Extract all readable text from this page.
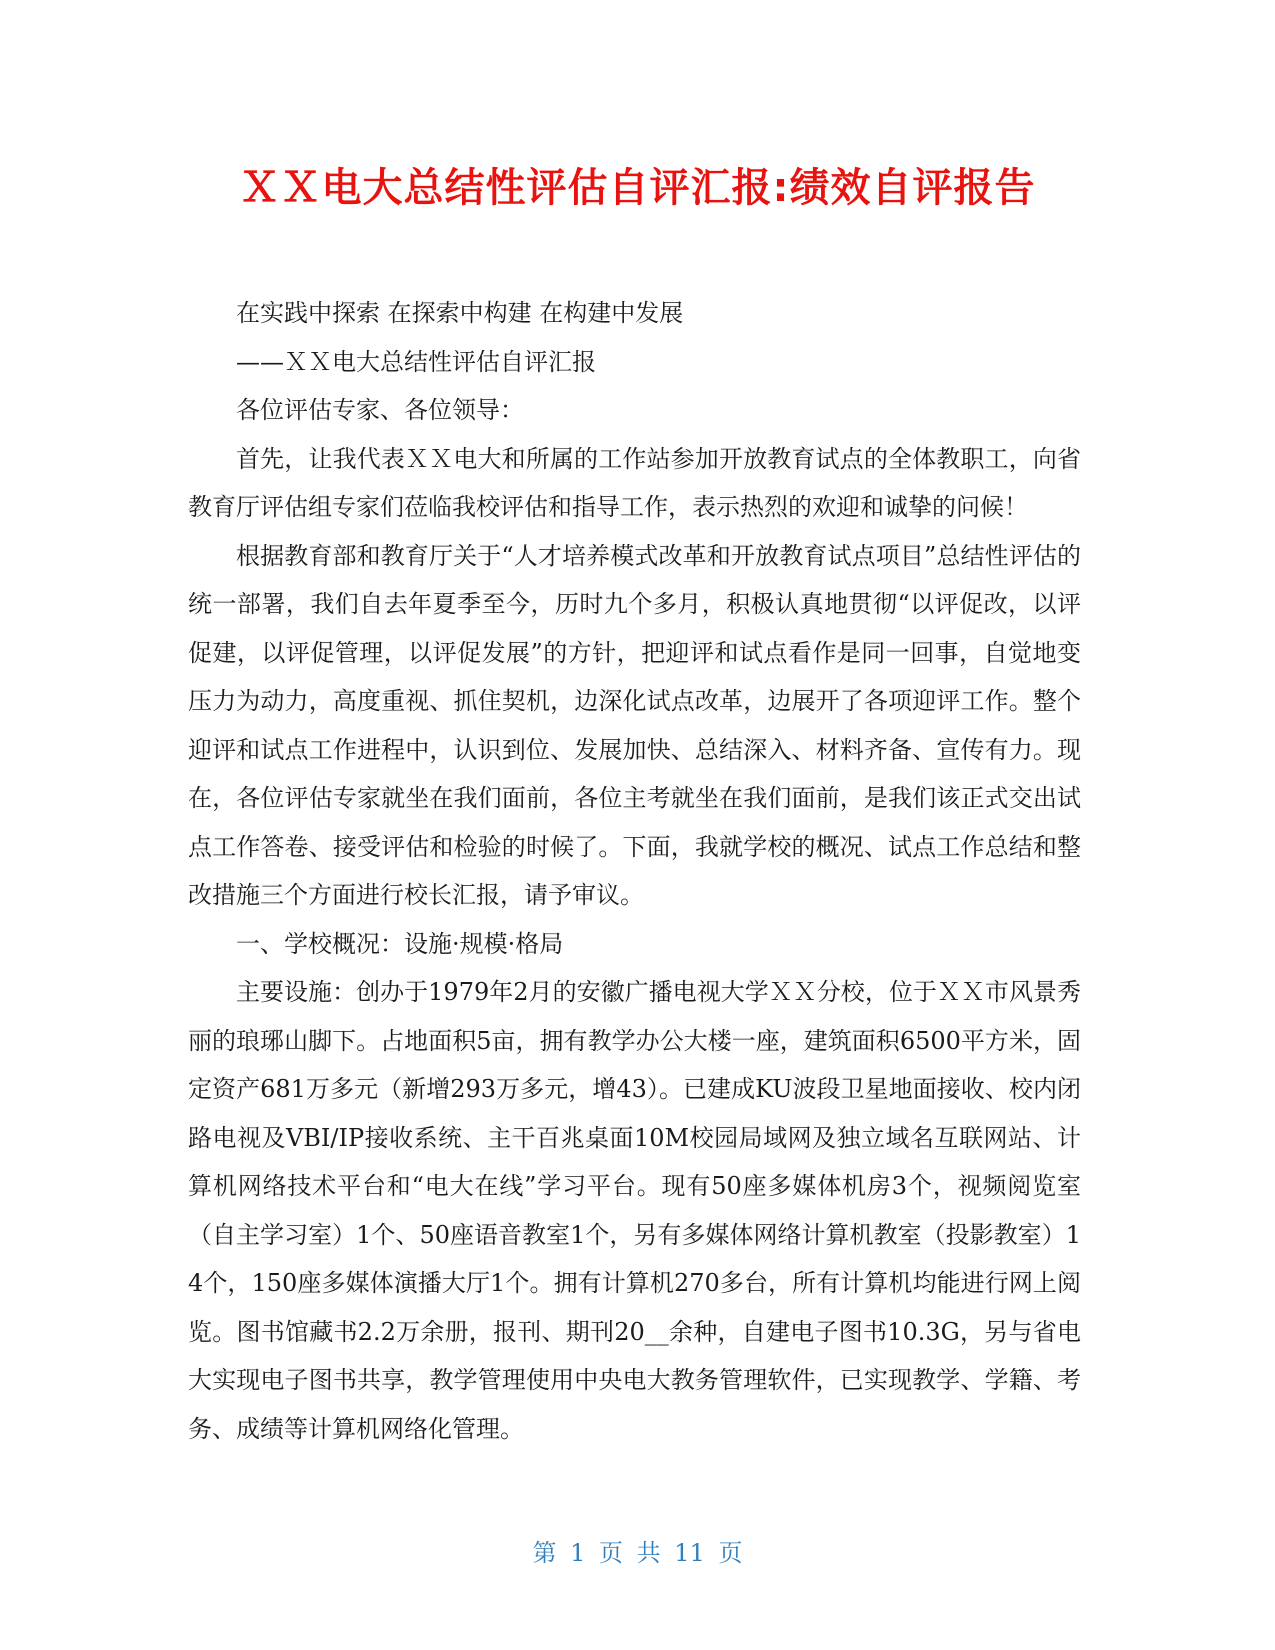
ＸＸ电大总结性评估自评汇报:绩效自评报告

在实践中探索 在探索中构建 在构建中发展

——ＸＸ电大总结性评估自评汇报

各位评估专家、各位领导：

首先，让我代表ＸＸ电大和所属的工作站参加开放教育试点的全体教职工，向省教育厅评估组专家们莅临我校评估和指导工作，表示热烈的欢迎和诚挚的问候！

根据教育部和教育厅关于“人才培养模式改革和开放教育试点项目”总结性评估的统一部署，我们自去年夏季至今，历时九个多月，积极认真地贯彻“以评促改，以评促建，以评促管理，以评促发展”的方针，把迎评和试点看作是同一回事，自觉地变压力为动力，高度重视、抓住契机，边深化试点改革，边展开了各项迎评工作。整个迎评和试点工作进程中，认识到位、发展加快、总结深入、材料齐备、宣传有力。现在，各位评估专家就坐在我们面前，各位主考就坐在我们面前，是我们该正式交出试点工作答卷、接受评估和检验的时候了。下面，我就学校的概况、试点工作总结和整改措施三个方面进行校长汇报，请予审议。

一、学校概况：设施·规模·格局

主要设施：创办于1979年2月的安徽广播电视大学ＸＸ分校，位于ＸＸ市风景秀丽的琅琊山脚下。占地面积5亩，拥有教学办公大楼一座，建筑面积6500平方米，固定资产681万多元（新增293万多元，增43）。已建成KU波段卫星地面接收、校内闭路电视及VBI/IP接收系统、主干百兆桌面10M校园局域网及独立域名互联网站、计算机网络技术平台和“电大在线”学习平台。现有50座多媒体机房3个，视频阅览室（自主学习室）1个、50座语音教室1个，另有多媒体网络计算机教室（投影教室）14个，150座多媒体演播大厅1个。拥有计算机270多台，所有计算机均能进行网上阅览。图书馆藏书2.2万余册，报刊、期刊20__余种，自建电子图书10.3G，另与省电大实现电子图书共享，教学管理使用中央电大教务管理软件，已实现教学、学籍、考务、成绩等计算机网络化管理。

第 1 页 共 11 页
